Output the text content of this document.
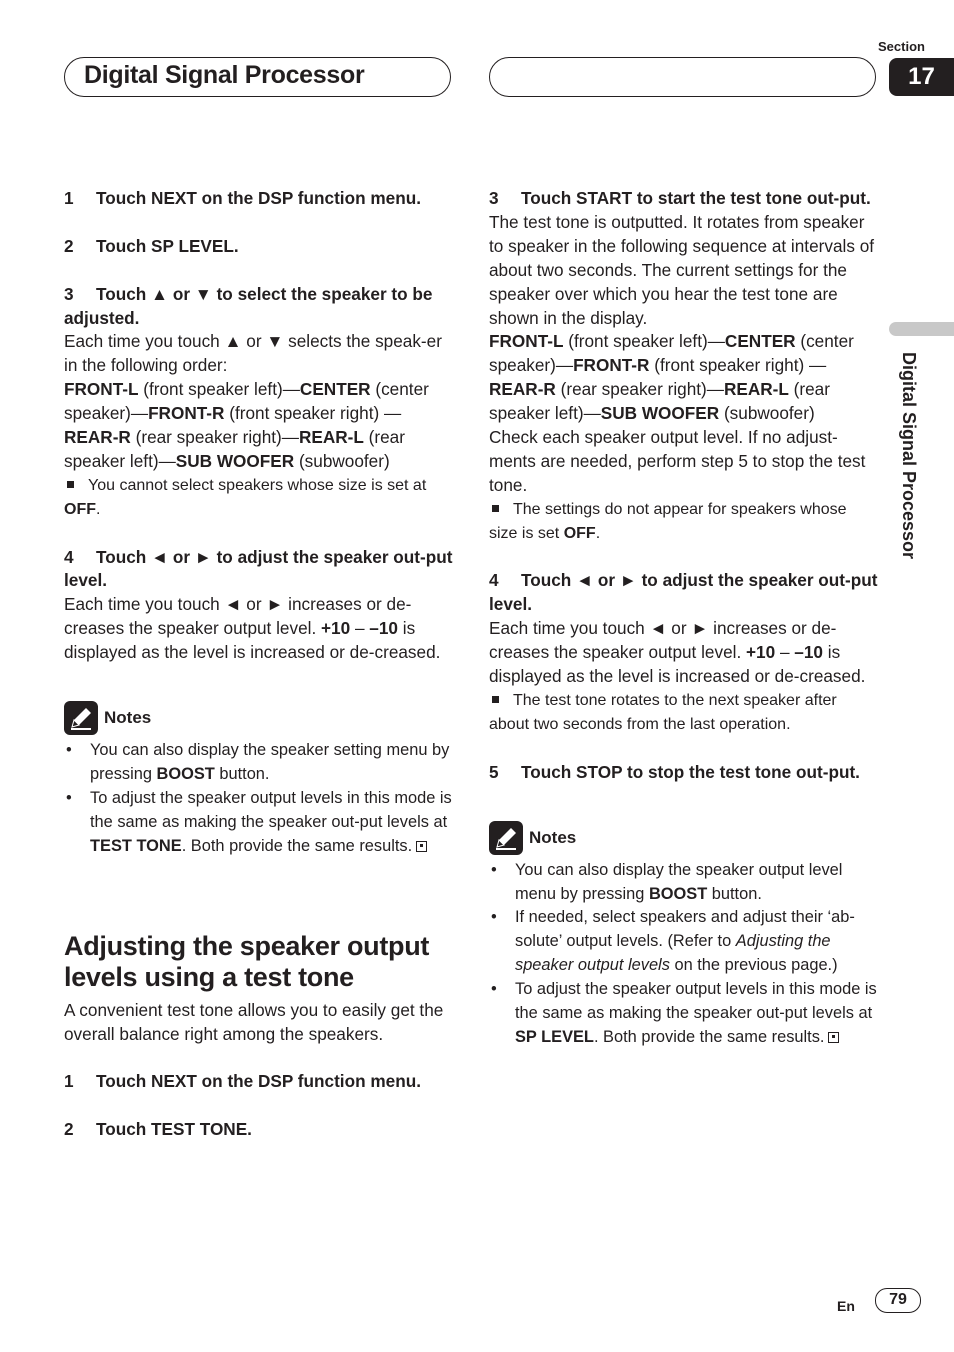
Digital Signal Processor
Section
17
Digital Signal Processor

1 Touch NEXT on the DSP function menu.

2 Touch SP LEVEL.

3 Touch ▲ or ▼ to select the speaker to be adjusted.

Each time you touch ▲ or ▼ selects the speak-er in the following order:

FRONT-L (front speaker left)—CENTER (center speaker)—FRONT-R (front speaker right) —REAR-R (rear speaker right)—REAR-L (rear speaker left)—SUB WOOFER (subwoofer)

You cannot select speakers whose size is set at OFF.

4 Touch ◄ or ► to adjust the speaker out-put level.

Each time you touch ◄ or ► increases or de-creases the speaker output level. +10 – –10 is displayed as the level is increased or de-creased.

Notes
• You can also display the speaker setting menu by pressing BOOST button.
• To adjust the speaker output levels in this mode is the same as making the speaker out-put levels at TEST TONE. Both provide the same results.
Adjusting the speaker output levels using a test tone

A convenient test tone allows you to easily get the overall balance right among the speakers.

1 Touch NEXT on the DSP function menu.

2 Touch TEST TONE.

3 Touch START to start the test tone out-put.

The test tone is outputted. It rotates from speaker to speaker in the following sequence at intervals of about two seconds. The current settings for the speaker over which you hear the test tone are shown in the display.

FRONT-L (front speaker left)—CENTER (center speaker)—FRONT-R (front speaker right) —REAR-R (rear speaker right)—REAR-L (rear speaker left)—SUB WOOFER (subwoofer)

Check each speaker output level. If no adjust-ments are needed, perform step 5 to stop the test tone.

The settings do not appear for speakers whose size is set OFF.

4 Touch ◄ or ► to adjust the speaker out-put level.

Each time you touch ◄ or ► increases or de-creases the speaker output level. +10 – –10 is displayed as the level is increased or de-creased.

The test tone rotates to the next speaker after about two seconds from the last operation.

5 Touch STOP to stop the test tone out-put.

Notes
• You can also display the speaker output level menu by pressing BOOST button.
• If needed, select speakers and adjust their ‘ab-solute’ output levels. (Refer to Adjusting the speaker output levels on the previous page.)
• To adjust the speaker output levels in this mode is the same as making the speaker out-put levels at SP LEVEL. Both provide the same results.
En	79
